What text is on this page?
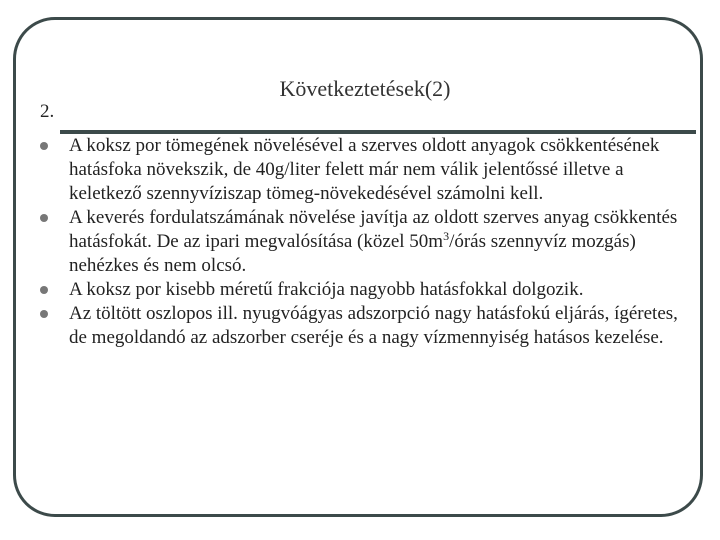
Következtetések(2)
2.
A koksz por tömegének növelésével a szerves oldott anyagok csökkentésének hatásfoka növekszik, de 40g/liter felett már nem válik jelentőssé illetve a keletkező szennyvíziszap tömeg-növekedésével számolni kell.
A keverés fordulatszámának növelése javítja az oldott szerves anyag csökkentés hatásfokát. De az ipari megvalósítása (közel $50m^3$/órás szennyvíz mozgás) nehézkes és nem olcsó.
A koksz por kisebb méretű frakciója nagyobb hatásfokkal dolgozik.
Az töltött oszlopos ill. nyugvóágyas adszorpció nagy hatásfokú eljárás, ígéretes, de megoldandó az adszorber cseréje és a nagy vízmennyiség hatásos kezelése.
